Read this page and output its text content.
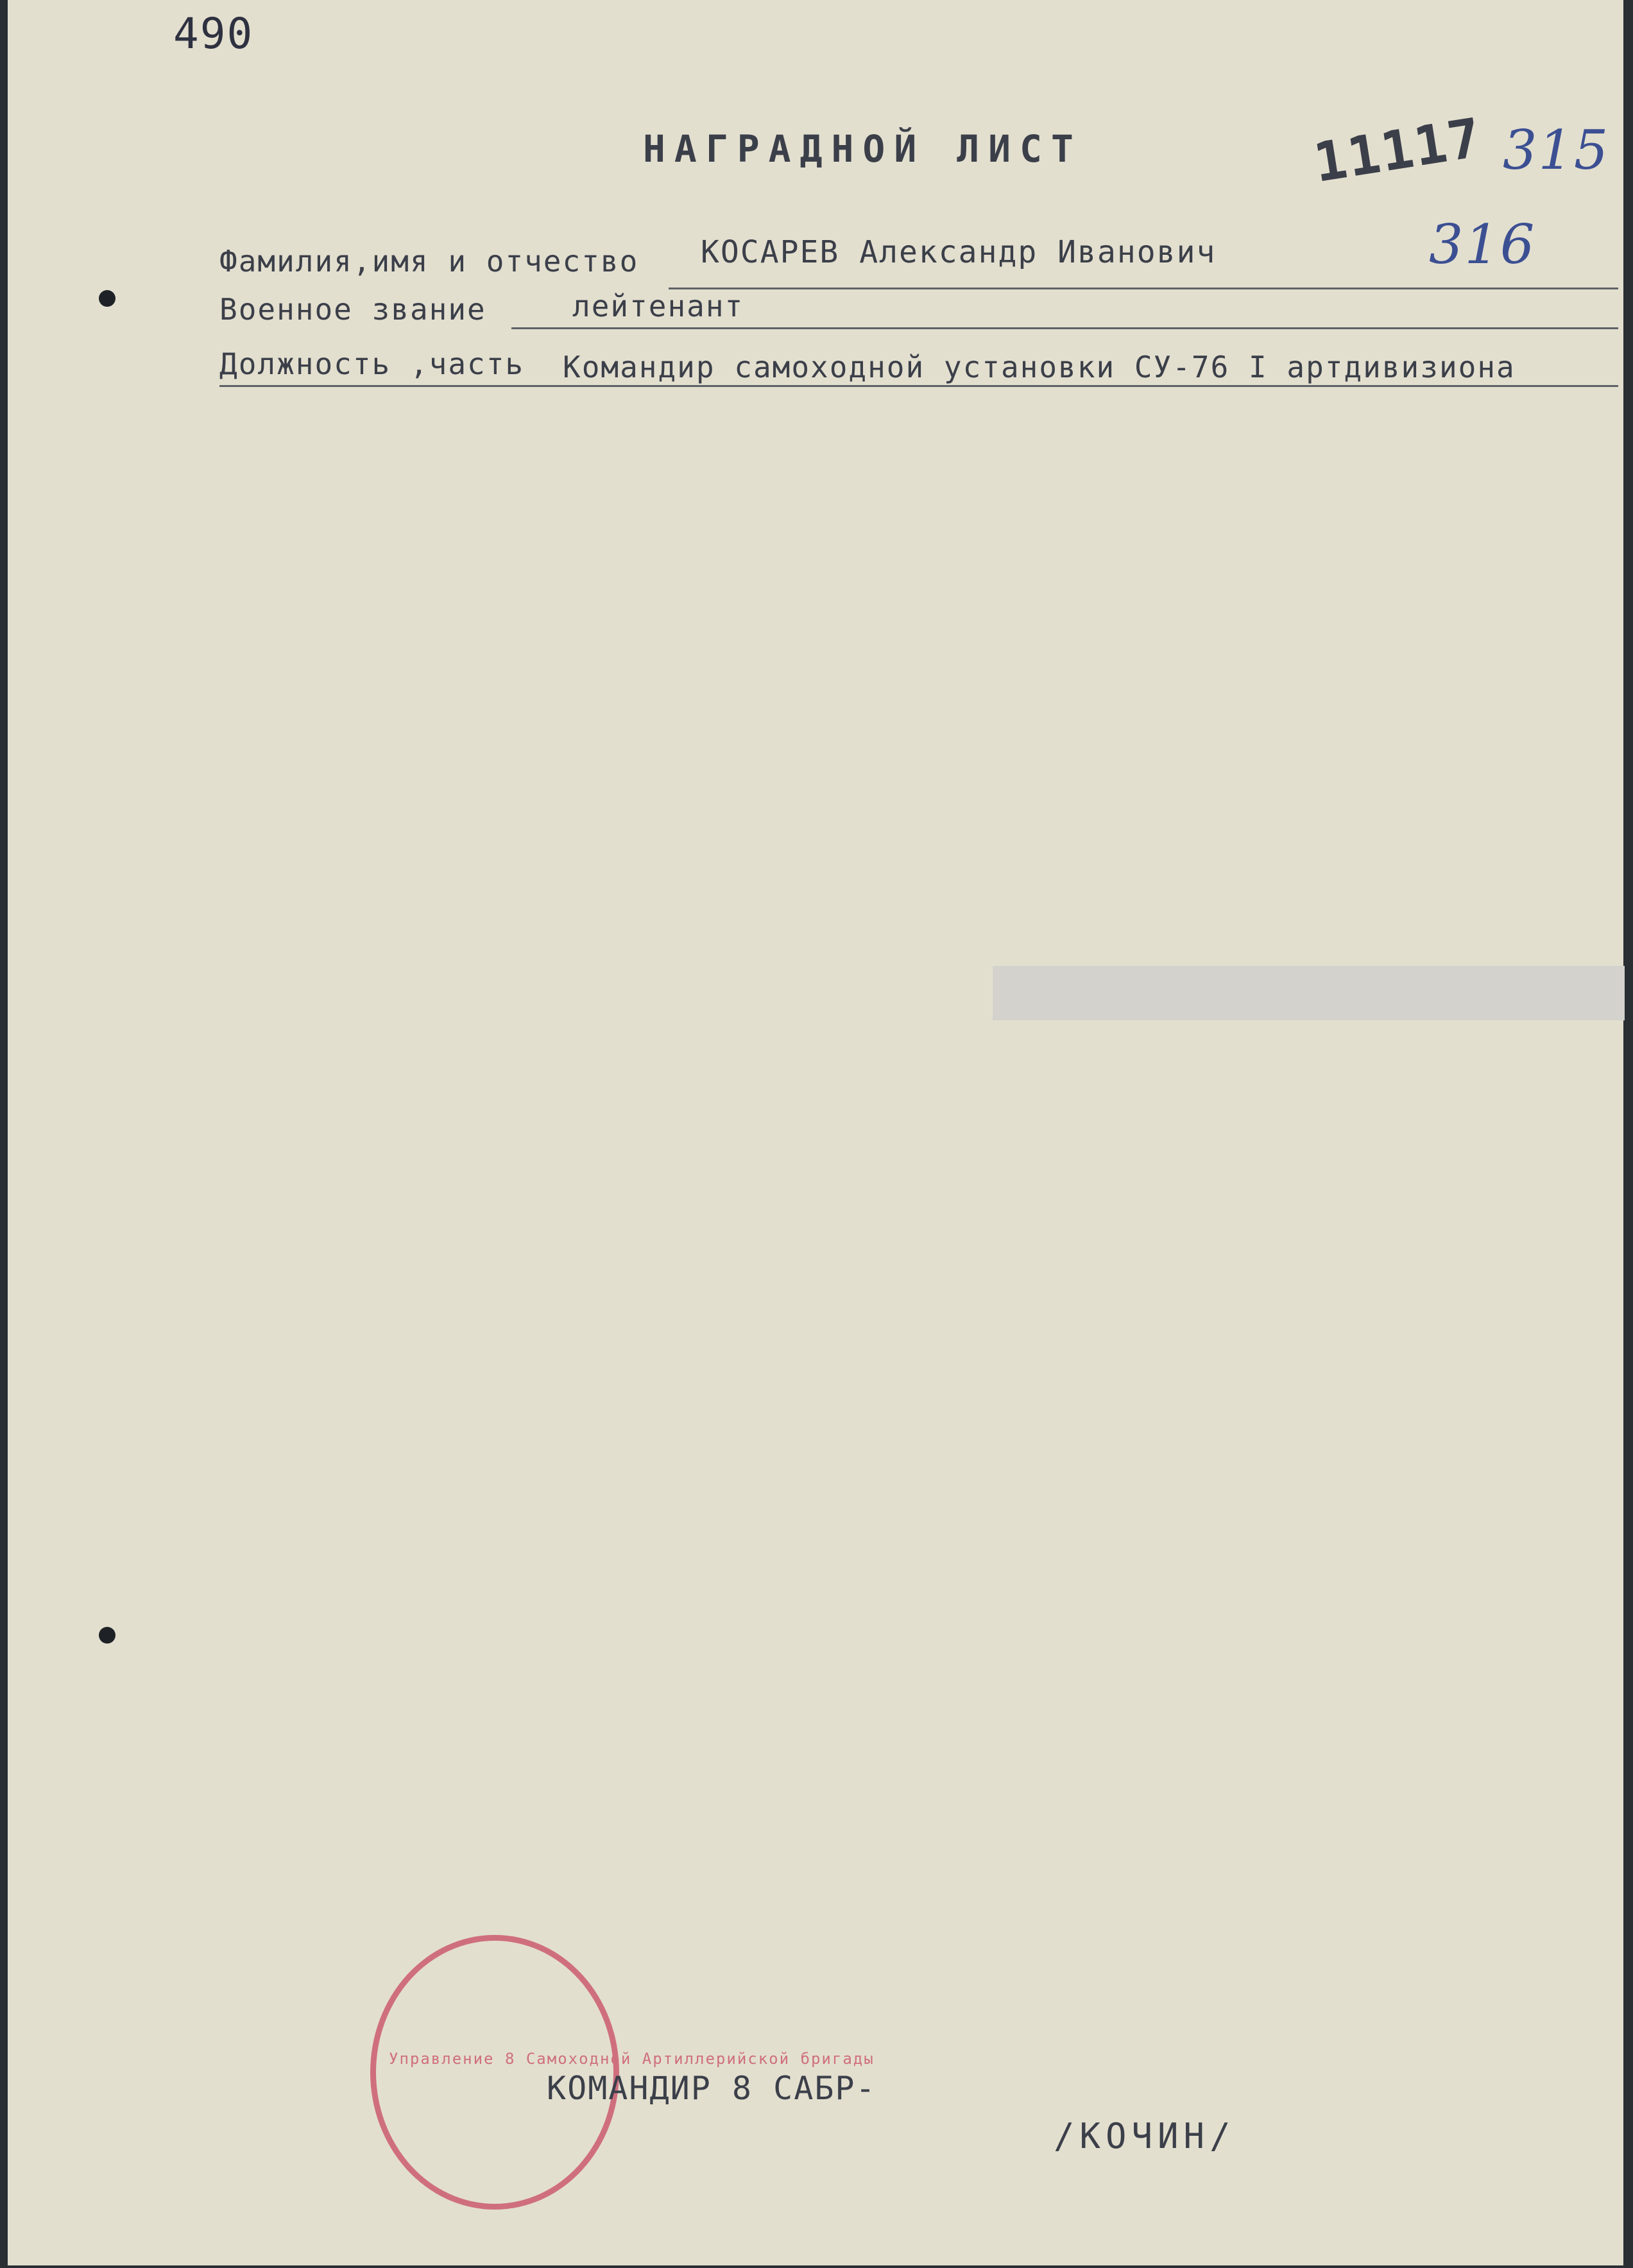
490
НАГРАДНОЙ ЛИСТ	11117 315
316
Фамилия,имя и отчество КОСАРЕВ Александр Иванович
Военное звание	лейтенант
Должность ,часть Командир самоходной установки СУ-76 I артдивизиона
Управление 8 Самоходной Артиллерийской бригады
КОМАНДИР 8 САБР-
/КОЧИН/
